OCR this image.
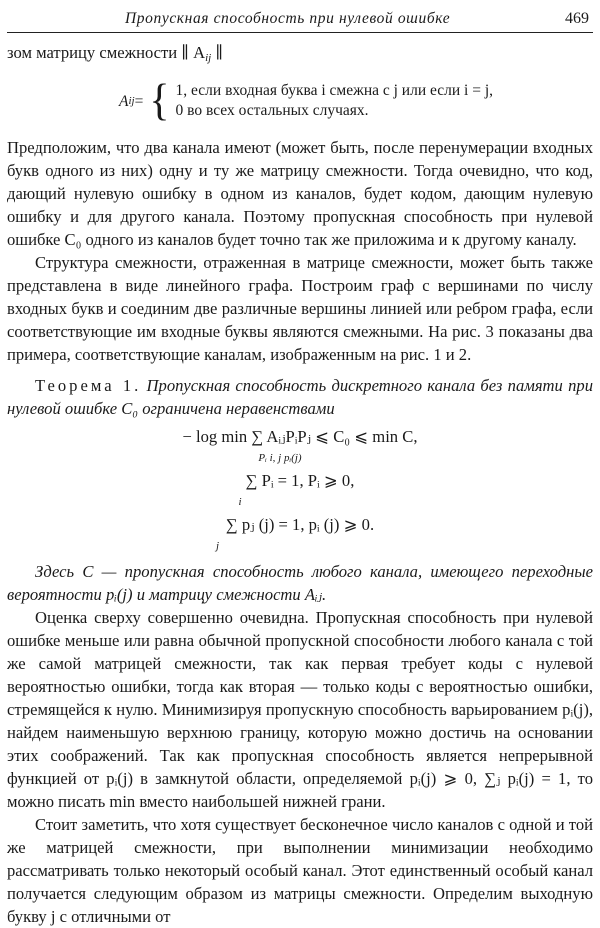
Пропускная способность при нулевой ошибке	469

зом матрицу смежности ∥ $A_{ij}$ ∥

A ij = { 1, если входная буква i смежна с j или если i = j,
0 во всех остальных случаях.

Предположим, что два канала имеют (может быть, после перенумерации входных букв одного из них) одну и ту же матрицу смежности. Тогда очевидно, что код, дающий нулевую ошибку в одном из каналов, будет кодом, дающим нулевую ошибку и для другого канала. Поэтому пропускная способность при нулевой ошибке C₀ одного из каналов будет точно так же приложима и к другому каналу.

Структура смежности, отраженная в матрице смежности, может быть также представлена в виде линейного графа. Построим граф с вершинами по числу входных букв и соединим две различные вершины линией или ребром графа, если соответствующие им входные буквы являются смежными. На рис. 3 показаны два примера, соответствующие каналам, изображенным на рис. 1 и 2.

Теорема 1. Пропускная способность дискретного канала без памяти при нулевой ошибке C₀ ограничена неравенствами

− log min ∑ AᵢⱼPᵢPⱼ ⩽ C₀ ⩽ min C,
Pᵢ i, j pᵢ(j)
∑ Pᵢ = 1, Pᵢ ⩾ 0,
i
∑ pⱼ (j) = 1, pᵢ (j) ⩾ 0.
j

Здесь C — пропускная способность любого канала, имеющего переходные вероятности pᵢ(j) и матрицу смежности Aᵢⱼ.

Оценка сверху совершенно очевидна. Пропускная способность при нулевой ошибке меньше или равна обычной пропускной способности любого канала с той же самой матрицей смежности, так как первая требует коды с нулевой вероятностью ошибки, тогда как вторая — только коды с вероятностью ошибки, стремящейся к нулю. Минимизируя пропускную способность варьированием pᵢ(j), найдем наименьшую верхнюю границу, которую можно достичь на основании этих соображений. Так как пропускная способность является непрерывной функцией от pᵢ(j) в замкнутой области, определяемой pᵢ(j) ⩾ 0, ∑ⱼ pᵢ(j) = 1, то можно писать min вместо наибольшей нижней грани.

Стоит заметить, что хотя существует бесконечное число каналов с одной и той же матрицей смежности, при выполнении минимизации необходимо рассматривать только некоторый особый канал. Этот единственный особый канал получается следующим образом из матрицы смежности. Определим выходную букву j с отличными от
